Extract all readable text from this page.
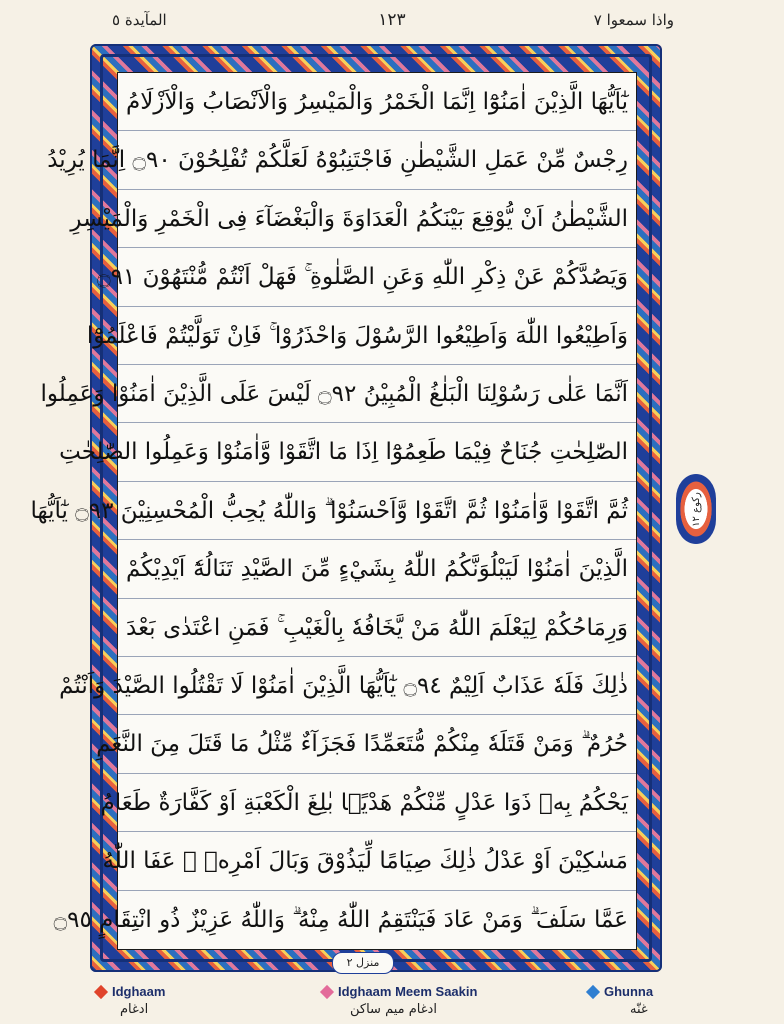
المآیدة ٥	۱۲۳	واذا سمعوا ۷
يٰٓاَيُّهَا الَّذِيْنَ اٰمَنُوْٓا اِنَّمَا الْخَمْرُ وَالْمَيْسِرُ وَالْاَنْصَابُ وَالْاَزْلَامُ
رِجْسٌ مِّنْ عَمَلِ الشَّيْطٰنِ فَاجْتَنِبُوْهُ لَعَلَّكُمْ تُفْلِحُوْنَ ۝٩٠ اِنَّمَا يُرِيْدُ
الشَّيْطٰنُ اَنْ يُّوْقِعَ بَيْنَكُمُ الْعَدَاوَةَ وَالْبَغْضَآءَ فِى الْخَمْرِ وَالْمَيْسِرِ
وَيَصُدَّكُمْ عَنْ ذِكْرِ اللّٰهِ وَعَنِ الصَّلٰوةِ ۚ فَهَلْ اَنْتُمْ مُّنْتَهُوْنَ ۝٩١
وَاَطِيْعُوا اللّٰهَ وَاَطِيْعُوا الرَّسُوْلَ وَاحْذَرُوْا ۚ فَاِنْ تَوَلَّيْتُمْ فَاعْلَمُوْٓا
اَنَّمَا عَلٰى رَسُوْلِنَا الْبَلٰغُ الْمُبِيْنُ ۝٩٢ لَيْسَ عَلَى الَّذِيْنَ اٰمَنُوْا وَعَمِلُوا
الصّٰلِحٰتِ جُنَاحٌ فِيْمَا طَعِمُوْٓا اِذَا مَا اتَّقَوْا وَّاٰمَنُوْا وَعَمِلُوا الصّٰلِحٰتِ
ثُمَّ اتَّقَوْا وَّاٰمَنُوْا ثُمَّ اتَّقَوْا وَّاَحْسَنُوْا ۗ وَاللّٰهُ يُحِبُّ الْمُحْسِنِيْنَ ۝٩٣ يٰٓاَيُّهَا
الَّذِيْنَ اٰمَنُوْا لَيَبْلُوَنَّكُمُ اللّٰهُ بِشَيْءٍ مِّنَ الصَّيْدِ تَنَالُهٗٓ اَيْدِيْكُمْ
وَرِمَاحُكُمْ لِيَعْلَمَ اللّٰهُ مَنْ يَّخَافُهٗ بِالْغَيْبِ ۚ فَمَنِ اعْتَدٰى بَعْدَ
ذٰلِكَ فَلَهٗ عَذَابٌ اَلِيْمٌ ۝٩٤ يٰٓاَيُّهَا الَّذِيْنَ اٰمَنُوْا لَا تَقْتُلُوا الصَّيْدَ وَاَنْتُمْ
حُرُمٌ ۗ وَمَنْ قَتَلَهٗ مِنْكُمْ مُّتَعَمِّدًا فَجَزَآءٌ مِّثْلُ مَا قَتَلَ مِنَ النَّعَمِ
يَحْكُمُ بِهٖ ذَوَا عَدْلٍ مِّنْكُمْ هَدْيًۢا بٰلِغَ الْكَعْبَةِ اَوْ كَفَّارَةٌ طَعَامُ
مَسٰكِيْنَ اَوْ عَدْلُ ذٰلِكَ صِيَامًا لِّيَذُوْقَ وَبَالَ اَمْرِهٖ ۗ عَفَا اللّٰهُ
عَمَّا سَلَفَ ۗ وَمَنْ عَادَ فَيَنْتَقِمُ اللّٰهُ مِنْهُ ۗ وَاللّٰهُ عَزِيْزٌ ذُو انْتِقَامٍ ۝٩٥
ركوع ١٢
منزل ٢
Idghaam
ادغام
Idghaam Meem Saakin
ادغام میم ساکن
Ghunna
غنّه
